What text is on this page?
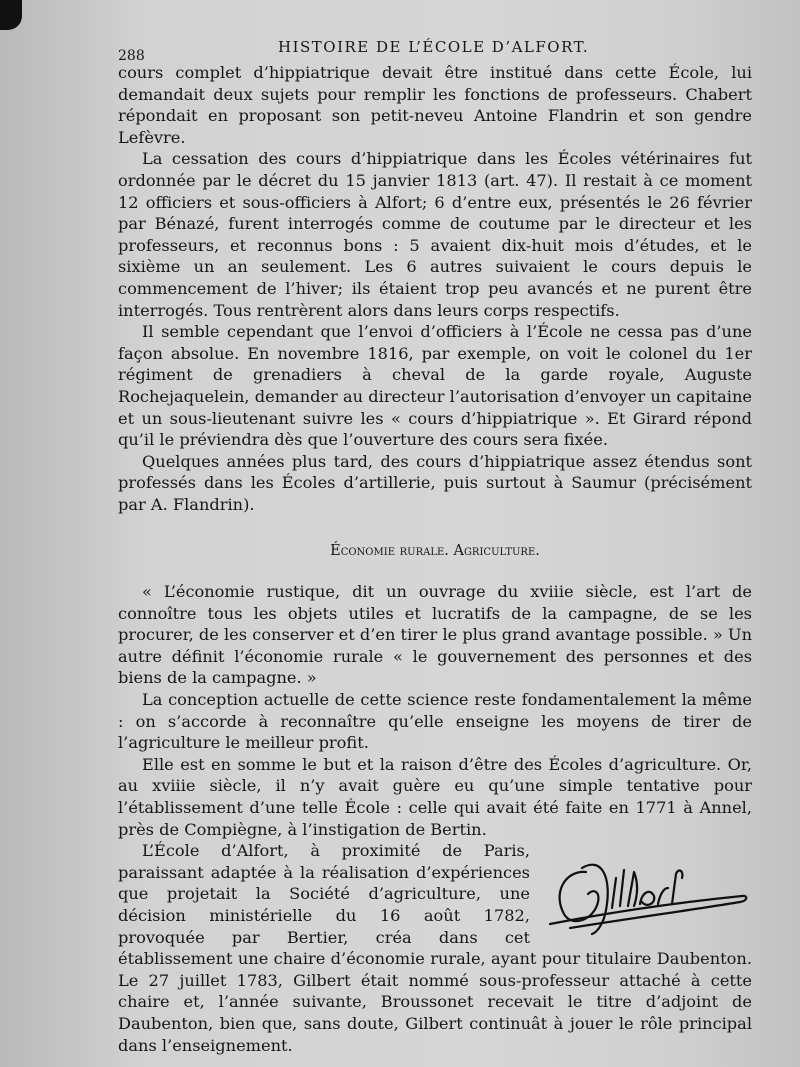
288	HISTOIRE DE L’ÉCOLE D’ALFORT.

cours complet d’hippiatrique devait être institué dans cette École, lui demandait deux sujets pour remplir les fonctions de professeurs. Chabert répondait en proposant son petit-neveu Antoine Flandrin et son gendre Lefèvre.

La cessation des cours d’hippiatrique dans les Écoles vétérinaires fut ordonnée par le décret du 15 janvier 1813 (art. 47). Il restait à ce moment 12 officiers et sous-officiers à Alfort; 6 d’entre eux, présentés le 26 février par Bénazé, furent interrogés comme de coutume par le directeur et les professeurs, et reconnus bons : 5 avaient dix-huit mois d’études, et le sixième un an seulement. Les 6 autres suivaient le cours depuis le commencement de l’hiver; ils étaient trop peu avancés et ne purent être interrogés. Tous rentrèrent alors dans leurs corps respectifs.

Il semble cependant que l’envoi d’officiers à l’École ne cessa pas d’une façon absolue. En novembre 1816, par exemple, on voit le colonel du 1er régiment de grenadiers à cheval de la garde royale, Auguste Rochejaquelein, demander au directeur l’autorisation d’envoyer un capitaine et un sous-lieutenant suivre les « cours d’hippiatrique ». Et Girard répond qu’il le préviendra dès que l’ouverture des cours sera fixée.

Quelques années plus tard, des cours d’hippiatrique assez étendus sont professés dans les Écoles d’artillerie, puis surtout à Saumur (précisément par A. Flandrin).

Économie rurale. Agriculture.

« L’économie rustique, dit un ouvrage du xviiie siècle, est l’art de connoître tous les objets utiles et lucratifs de la campagne, de se les procurer, de les conserver et d’en tirer le plus grand avantage possible. » Un autre définit l’économie rurale « le gouvernement des personnes et des biens de la campagne. »

La conception actuelle de cette science reste fondamentalement la même : on s’accorde à reconnaître qu’elle enseigne les moyens de tirer de l’agriculture le meilleur profit.

Elle est en somme le but et la raison d’être des Écoles d’agriculture. Or, au xviiie siècle, il n’y avait guère eu qu’une simple tentative pour l’établissement d’une telle École : celle qui avait été faite en 1771 à Annel, près de Compiègne, à l’instigation de Bertin.

L’École d’Alfort, à proximité de Paris, paraissant adaptée à la réalisation d’expériences que projetait la Société d’agriculture, une décision ministérielle du 16 août 1782, provoquée par Bertier, créa dans cet établissement une chaire d’économie rurale, ayant pour titulaire Daubenton. Le 27 juillet 1783, Gilbert était nommé sous-professeur attaché à cette chaire et, l’année suivante, Broussonet recevait le titre d’adjoint de Daubenton, bien que, sans doute, Gilbert continuât à jouer le rôle principal dans l’enseignement.
